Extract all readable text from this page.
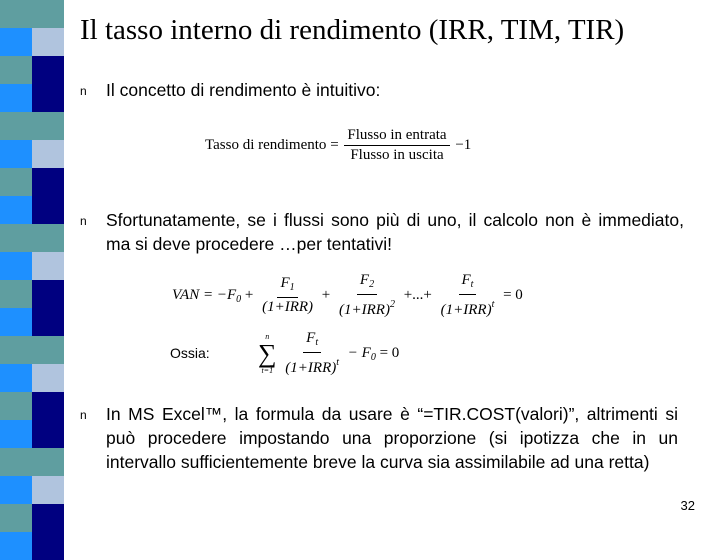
Il tasso interno di rendimento (IRR, TIM, TIR)
n Il concetto di rendimento è intuitivo:
Tasso di rendimento = $\frac{\text{Flusso in entrata}}{\text{Flusso in uscita}} -1$
n Sfortunatamente, se i flussi sono più di uno, il calcolo non è immediato, ma si deve procedere …per tentativi!
VAN = $-F_0 + \frac{F_1}{\text{(1+IRR)}} + \frac{F_2}{(1+IRR)^2}$ +...+ $\frac{F_t}{(1+IRR)^t} = 0$
Ossia:
n
∑
t=1
$\frac{F_t}{(1+IRR)^t} - F_0 = 0$
n In MS Excel™, la formula da usare è “=TIR.COST(valori)”, altrimenti si può procedere impostando una proporzione (si ipotizza che in un intervallo sufficientemente breve la curva sia assimilabile ad una retta)
32
